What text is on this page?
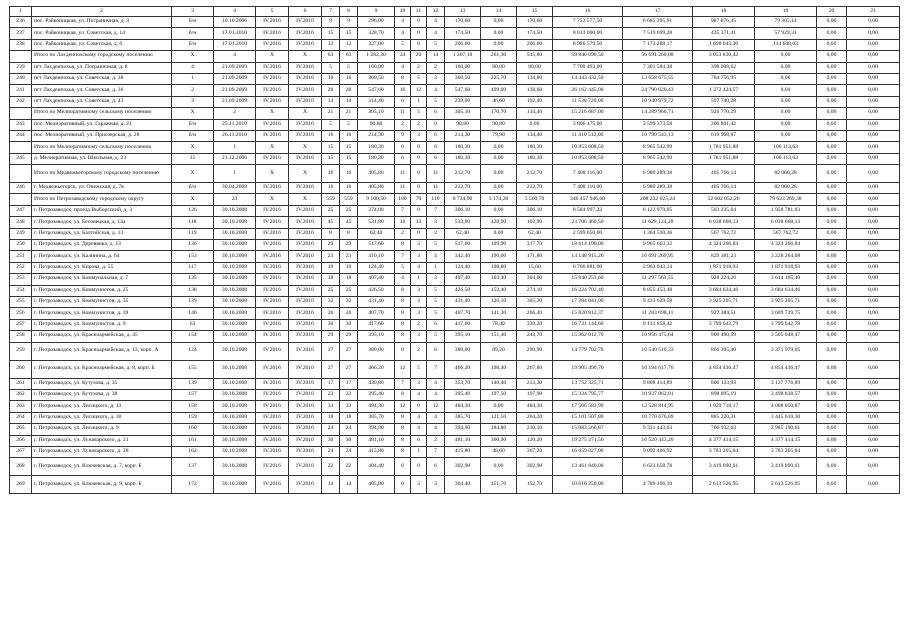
1	2	3	4	5	6	7	8	9	10	11	12	13	14	15	16	17	18	19	20	21
236	пос. Райконицкая, ул. Пограничная, д. 3	б/н	16.10.2006	IV.2016	IV.2016	9	9	296,00	4	0	4	170,60	0,00	170,60	7 752 577,50	6 685 395,91	987 876,45	79 305,14	0,00	0,00
237	пос. Райконицкая, ул. Советская, д. 14	б/н	17.01.2010	IV.2016	IV.2016	15	15	328,70	4	0	4	174,50	0,00	174,50	8 013 000,00	7 519 699,28	435 371,41	57 929,31	0,00	0,00
238	пос. Райконицкая, ул. Советская, д. 6	б/н	17.01.2010	IV.2016	IV.2016	12	12	327,00	5	0	5	206,60	0,00	206,60	8 986 579,50	7 173 288,17	1 698 643,30	114 648,03	0,00	0,00
	Итого по Лахденпохскому городскому поселению	X	4	X	X	63	63	1 282,30	34	20	14	1 307,10	261,30	545,80	59 840 090,50	56 691 260,08	3 053 830,42	0,00	0,00	0,00
239	пгт Лахденпохья, ул. Пограничная, д. 8	4	21.09.2009	IV.2016	IV.2016	5	5	160,00	4	2	2	160,00	80,00	80,00	7 700 493,00	7 301 584,38	398 908,62	0,00	0,00	0,00
240	пгт Лахденпохья, ул. Советская, д. 38	1	21.09.2009	IV.2016	IV.2016	16	16	360,50	8	5	3	360,50	225,70	134,80	14 443 432,50	13 658 675,55	784 756,95	0,00	0,00	0,00
241	пгт Лахденпохья, ул. Советская, д. 36	2	21.09.2009	IV.2016	IV.2016	28	28	547,60	16	12	4	547,60	409,00	138,60	26 162 445,00	24 790 020,43	1 372 424,57	0,00	0,00	0,00
242	пгт Лахденпохья, ул. Советская, д. 43	3	21.09.2009	IV.2016	IV.2016	14	14	314,40	6	1	5	239,00	46,60	192,40	11 538 720,00	10 940 979,72	597 740,28	0,00	0,00	0,00
	Итого по Мелиоративному сельскому поселению	X	2	X	X	21	21	305,10	11	5	6	305,10	170,70	134,40	15 216 687,00	14 289 966,71	926 770,29	0,00	0,00	0,00
243	пос. Мелиоративный, ул. Гаражная, д. 21	б/н	25.11.2010	IV.2016	IV.2016	5	5	90,80	2	2	0	90,80	90,80	0,00	3 806 175,00	3 599 373,58	206 801,42	0,00	0,00	0,00
244	пос. Мелиоративный, ул. Приозерская, д. 28	б/н	26.11.2010	IV.2016	IV.2016	16	16	214,30	9	3	6	214,30	79,90	134,40	11 410 512,00	10 790 543,13	619 968,87	0,00	0,00	0,00
	Итого по Мелиоративному сельскому поселению	X	1	X	X	15	15	180,30	6	0	6	180,30	0,00	180,30	10 853 608,50	8 965 542,99	1 781 951,88	106 113,63	0,00	0,00
245	д. Мелиоративная, ул. Школьная, д. 23	15	21.12.2006	IV.2016	IV.2016	15	15	180,30	6	0	6	180,30	0,00	180,30	10 853 608,50	8 965 542,99	1 781 951,88	106 113,63	0,00	0,00
	Итого по Медвежьегорскому городскому поселению	X	1	X	X	16	16	405,80	11	0	11	212,70	0,00	212,70	7 408 116,00	6 980 289,38	405 766,14	82 060,28	0,00	0,00
246	г. Медвежьегорск, ул. Онежская, д. 7в	б/н	30.04.2008	IV.2016	IV.2016	16	16	405,80	11	0	11	212,70	0,00	212,70	7 408 116,00	6 980 289,38	405 766,14	82 060,28	0,00	0,00
	Итого по Петрозаводскому городскому округу	X	23	X	X	559	559	9 100,50	180	70	110	8 734,90	3 174,20	5 560,70	340 457 946,60	208 232 625,24	52 602 052,26	79 623 269,38	0,00	0,00
247	г. Петрозаводск, проезд Выборгский, д. 3	126	30.10.2008	IV.2016	IV.2016	25	25	374,00	7	0	7	306,10	0,00	306,10	8 584 997,22	6 122 979,95	503 235,64	1 958 781,83	0,00	0,00
248	г. Петрозаводск, ул. Бесовецкая, д. 14а	118	30.10.2008	IV.2016	IV.2016	45	45	531,80	16	13	3	533,80	428,90	102,90	23 706 460,50	11 628 124,28	6 038 668,13	6 038 668,13	0,00	0,00
249	г. Петрозаводск, ул. Балтийская, д. 13	119	30.10.2008	IV.2016	IV.2016	8	8	62,40	2	0	2	62,40	0,00	62,40	2 599 050,00	1 364 530,36	567 762,72	567 762,72	0,00	0,00
250	г. Петрозаводск, ул. Деревянка, д. 13	136	30.10.2008	IV.2016	IV.2016	29	29	517,60	8	3	5	517,60	199,90	317,70	18 614 190,00	9 965 663,32	4 324 266,84	4 324 266,84	0,00	0,00
251	г. Петрозаводск, ул. Калинина, д. 64	153	30.10.2008	IV.2016	IV.2016	23	23	410,10	7	3	4	342,40	196,00	171,80	14 148 915,26	10 091 269,95	829 381,23	3 228 264,08	0,00	0,00
252	г. Петрозаводск, ул. Кирова, д. 55	117	30.10.2008	IV.2016	IV.2016	10	10	124,40	5	4	1	124,40	108,80	15,60	6 706 881,00	2 963 043,14	1 871 918,93	1 871 918,93	0,00	0,00
253	г. Петрозаводск, ул. Коммунальная, д. 7	135	30.10.2008	IV.2016	IV.2016	18	18	407,40	4	1	3	407,40	103,40	304,00	15 840 253,60	11 297 563,55	928 224,26	3 614 165,40	0,00	0,00
254	г. Петрозаводск, ул. Коммунистов, д. 25	138	30.10.2008	IV.2016	IV.2016	25	25	426,50	8	3	5	426,50	152,40	274,10	16 224 702,40	8 855 453,48	3 684 634,46	3 684 634,46	0,00	0,00
255	г. Петрозаводск, ул. Коммунистов, д. 35	139	30.10.2008	IV.2016	IV.2016	32	32	431,40	8	3	5	431,40	126,10	305,30	17 284 041,00	9 433 629,58	3 925 205,71	3 925 205,71	0,00	0,00
256	г. Петрозаводск, ул. Коммунистов, д. 39	140	30.10.2008	IV.2016	IV.2016	26	26	407,70	8	3	5	407,70	141,30	266,40	15 820 812,37	11 283 698,11	927 384,51	3 609 729,75	0,00	0,00
257	г. Петрозаводск, ул. Коммунистов, д. 9	63	30.10.2008	IV.2016	IV.2016	30	30	417,60	8	2	6	417,60	78,40	339,20	16 731 144,60	9 131 858,42	3 799 642,79	3 799 642,79	0,00	0,00
258	г. Петрозаводск, ул. Красноармейская, д. 45	154	30.10.2008	IV.2016	IV.2016	29	29	395,10	8	3	5	395,10	151,40	243,70	15 362 012,70	10 956 475,64	900 490,59	3 505 048,47	0,00	0,00
259	г. Петрозаводск, ул. Красноармейская, д. 13, корп. А	124	30.10.2008	IV.2016	IV.2016	27	27	380,00	8	2	6	380,00	89,20	290,90	14 779 702,78	10 540 510,33	866 305,40	3 371 979,05	0,00	0,00
260	г. Петрозаводск, ул. Красноармейская, д. 8, корп. Б	155	30.10.2008	IV.2016	IV.2016	27	27	466,20	12	5	7	466,20	198,40	267,80	19 905 490,70	10 194 617,76	4 854 436,47	4 854 436,47	0,00	0,00
261	г. Петрозаводск, ул. Кутузова, д. 35	139	30.10.2008	IV.2016	IV.2016	17	17	430,80	7	3	4	353,70	140,40	213,30	13 752 325,71	9 808 414,89	806 133,93	3 137 776,89	0,00	0,00
262	г. Петрозаводск, ул. Кутузова, д. 38	157	30.10.2008	IV.2016	IV.2016	23	23	395,40	8	4	4	395,40	197,50	197,90	15 334 795,77	10 937 062,01	898 895,19	3 498 838,57	0,00	0,00
263	г. Петрозаводск, ул. Лисицкого, д. 13	158	30.10.2008	IV.2016	IV.2016	33	33	484,30	12	0	12	484,30	0,00	484,30	17 566 583,99	12 528 814,95	1 029 718,17	4 008 050,87	0,00	0,00
264	г. Петрозаводск, ул. Лисицкого, д. 30	159	30.10.2008	IV.2016	IV.2016	18	18	385,70	8	4	4	385,70	121,50	264,20	15 101 507,80	10 770 676,89	885 220,31	3 445 610,30	0,00	0,00
265	г. Петрозаводск, ул. Лисицкого, д. 9	160	30.10.2008	IV.2016	IV.2016	24	24	394,90	8	4	4	394,90	184,80	210,10	15 083 566,87	9 331 443,63	766 932,63	2 985 190,61	0,00	0,00
266	г. Петрозаводск, ул. Луначарского, д. 21	161	30.10.2008	IV.2016	IV.2016	30	30	481,10	8	6	2	481,10	360,90	120,20	19 275 271,50	10 520 443,20	4 377 414,15	4 377 414,15	0,00	0,00
267	г. Петрозаводск, ул. Луначарского, д. 28	162	30.10.2008	IV.2016	IV.2016	24	24	415,80	8	1	7	415,80	48,60	367,20	16 659 027,00	9 092 406,92	3 783 265,04	3 783 265,04	0,00	0,00
268	г. Петрозаводск, ул. Ключевская, д. 7, корп. Б	137	30.10.2008	IV.2016	IV.2016	22	22	404,40	6	0	6	302,90	0,00	302,90	13 461 840,00	6 623 658,78	3 419 090,61	3 419 090,61	0,00	0,00
269	г. Петрозаводск, ул. Ключевская, д. 9, корп. Б	172	30.10.2008	IV.2016	IV.2016	14	14	405,80	6	3	3	304,40	151,70	152,70	10 016 250,00	4 789 196,10	2 613 526,95	2 613 526,95	0,00	0,00
